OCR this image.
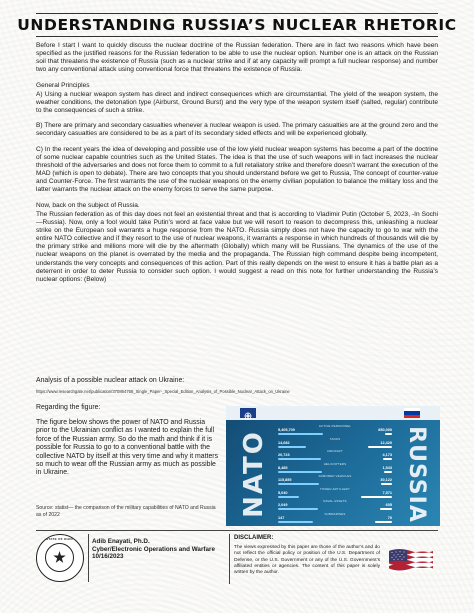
UNDERSTANDING RUSSIA’S NUCLEAR RHETORIC

Before I start I want to quickly discuss the nuclear doctrine of the Russian federation. There are in fact two reasons which have been specified as the justified reasons for the Russian federation to be able to use the nuclear option. Number one is an attack on the Russian soil that threatens the existence of Russia (such as a nuclear strike and if at any capacity will prompt a full nuclear response) and number two any conventional attack using conventional force that threatens the existence of Russia.

General Principles

A) Using a nuclear weapon system has direct and indirect consequences which are circumstantial. The yield of the weapon system, the weather conditions, the detonation type (Airburst, Ground Burst) and the very type of the weapon system itself (salted, regular) contribute to the consequences of such a strike.

B) There are primary and secondary casualties whenever a nuclear weapon is used. The primary casualties are at the ground zero and the secondary casualties are considered to be as a part of its secondary sided effects and will be experienced globally.

C) In the recent years the idea of developing and possible use of the low yield nuclear weapon systems has become a part of the doctrine of some nuclear capable countries such as the United States. The idea is that the use of such weapons will in fact increases the nuclear threshold of the adversaries and does not force them to commit to a full retaliatory strike and therefore doesn’t warrant the execution of the MAD (which is open to debate). There are two concepts that you should understand before we get to Russia, The concept of counter-value and Counter-Force. The first warrants the use of the nuclear weapons on the enemy civilian population to balance the military loss and the latter warrants the nuclear attack on the enemy forces to serve the same purpose.

Now, back on the subject of Russia.

The Russian federation as of this day does not feel an existential threat and that is according to Vladimir Putin (October 5, 2023, -In Sochi—Russia). Now, only a fool would take Putin’s word at face value but we will resort to reason to decompress this, unleashing a nuclear strike on the European soil warrants a huge response from the NATO. Russia simply does not have the capacity to go to war with the entire NATO collective and if they resort to the use of nuclear weapons, it warrants a response in which hundreds of thousands will die by the primary strike and millions more will die by the aftermath (Globally) which many will be Russians. The dynamics of the use of the nuclear weapons on the planet is overrated by the media and the propaganda. The Russian high command despite being incompetent, understands the very concepts and consequences of this action. Part of this really depends on the west to ensure it has a battle plan as a deterrent in order to deter Russia to consider such option. I would suggest a read on this note for further understanding the Russia’s nuclear options: (Below)

Analysis of a possible nuclear attack on Ukraine:
https://www.researchgate.net/publication/370864768_Single_Paper-_Special_Edition_Analysis_of_Possible_Nuclear_Attack_on_Ukraine
Regarding the figure:
The figure below shows the power of NATO and Russia prior to the Ukrainian conflict as I wanted to explain the full force of the Russian army. So do the math and think if it is possible for Russia to go to a conventional battle with the collective NATO by itself at this very time and why it matters so much to wear off the Russian army as much as possible in Ukraine.
Source: statist— the comparison of the military capabilities of NATO and Russia as of 2022	NATO	RUSSIA
ACTIVE PERSONNEL
5,405,700	850,000
TANKS
14,682	12,420
AIRCRAFT
20,723	4,173
HELICOPTERS
8,485	1,543
ARMORED VEHICLES
115,855	30,122
TOWED ARTILLERY
5,040	7,571
NAVAL ASSETS
2,049	605
SUBMARINES
147	70
STATE OF OHIO	Adib Enayati, Ph.D.
Cyber/Electronic Operations and Warfare
10/16/2023
DISCLAIMER:
The views expressed by this paper are those of the author’s and do not reflect the official policy or position of the U.S. Department of Defense, or the U.S. Government or any of the U.S. Government’s affiliated entities or agencies. The content of this paper is solely written by the author.
